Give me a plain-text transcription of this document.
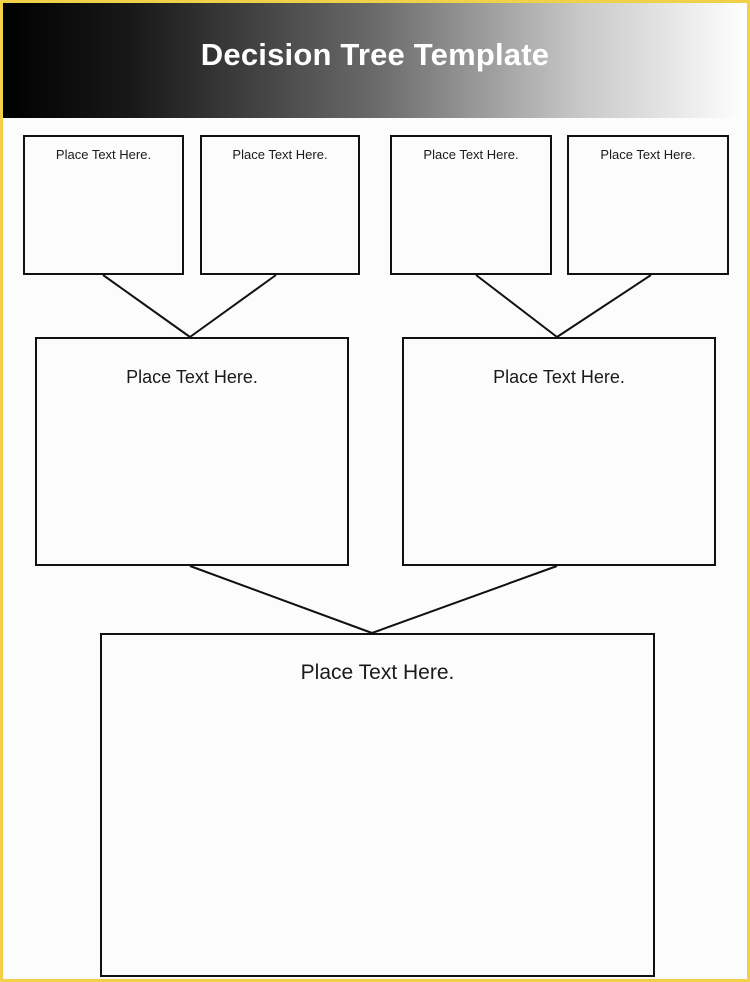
Decision Tree Template
Place Text Here.	Place Text Here.	Place Text Here.	Place Text Here.
Place Text Here.	Place Text Here.
Place Text Here.
